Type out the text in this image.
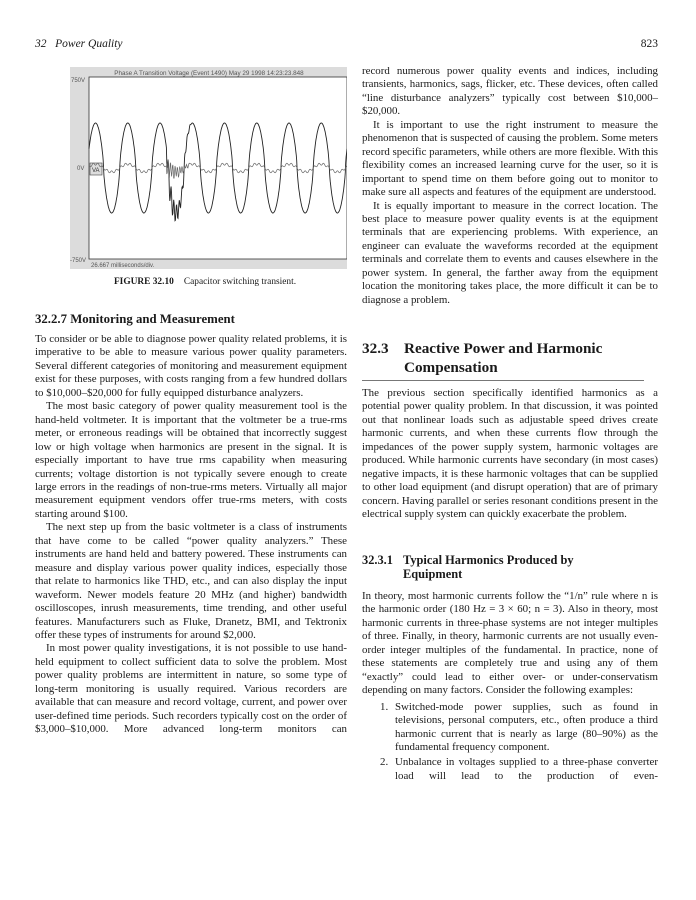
32 Power Quality	823
Phase A Transition Voltage (Event 1490) May 29 1998 14:23:23.848
750V
0V
-750V
26.667 milliseconds/div.
VA
FIGURE 32.10 Capacitor switching transient.
32.2.7 Monitoring and Measurement

To consider or be able to diagnose power quality related problems, it is imperative to be able to measure various power quality parameters. Several different categories of monitoring and measurement equipment exist for these purposes, with costs ranging from a few hundred dollars to $10,000–$20,000 for fully equipped disturbance analyzers.

The most basic category of power quality measurement tool is the hand-held voltmeter. It is important that the voltmeter be a true-rms meter, or erroneous readings will be obtained that incorrectly suggest low or high voltage when harmonics are present in the signal. It is especially important to have true rms capability when measuring currents; voltage distortion is not typically severe enough to create large errors in the readings of non-true-rms meters. Virtually all major measurement equipment vendors offer true-rms meters, with costs starting around $100.

The next step up from the basic voltmeter is a class of instruments that have come to be called “power quality analyzers.” These instruments are hand held and battery powered. These instruments can measure and display various power quality indices, especially those that relate to harmonics like THD, etc., and can also display the input waveform. Newer models feature 20 MHz (and higher) bandwidth oscilloscopes, inrush measurements, time trending, and other useful features. Manufacturers such as Fluke, Dranetz, BMI, and Tektronix offer these types of instruments for around $2,000.

In most power quality investigations, it is not possible to use hand-held equipment to collect sufficient data to solve the problem. Most power quality problems are intermittent in nature, so some type of long-term monitoring is usually required. Various recorders are available that can measure and record voltage, current, and power over user-defined time periods. Such recorders typically cost on the order of $3,000–$10,000. More advanced long-term monitors can

record numerous power quality events and indices, including transients, harmonics, sags, flicker, etc. These devices, often called “line disturbance analyzers” typically cost between $10,000–$20,000.

It is important to use the right instrument to measure the phenomenon that is suspected of causing the problem. Some meters record specific parameters, while others are more flexible. With this flexibility comes an increased learning curve for the user, so it is important to spend time on them before going out to monitor to make sure all aspects and features of the equipment are understood.

It is equally important to measure in the correct location. The best place to measure power quality events is at the equipment terminals that are experiencing problems. With experience, an engineer can evaluate the waveforms recorded at the equipment terminals and correlate them to events and causes elsewhere in the power system. In general, the farther away from the equipment location the monitoring takes place, the more difficult it can be to diagnose a problem.

32.3	Reactive Power and Harmonic Compensation

The previous section specifically identified harmonics as a potential power quality problem. In that discussion, it was pointed out that nonlinear loads such as adjustable speed drives create harmonic currents, and when these currents flow through the impedances of the power supply system, harmonic voltages are produced. While harmonic currents have secondary (in most cases) negative impacts, it is these harmonic voltages that can be supplied to other load equipment (and disrupt operation) that are of primary concern. Having parallel or series resonant conditions present in the electrical supply system can quickly exacerbate the problem.

32.3.1 Typical Harmonics Produced by Equipment

In theory, most harmonic currents follow the “1/n” rule where n is the harmonic order (180 Hz = 3 × 60; n = 3). Also in theory, most harmonic currents in three-phase systems are not integer multiples of three. Finally, in theory, harmonic currents are not usually even-order integer multiples of the fundamental. In practice, none of these statements are completely true and using any of them “exactly” could lead to either over- or under-conservatism depending on many factors. Consider the following examples:

1. Switched-mode power supplies, such as found in televisions, personal computers, etc., often produce a third harmonic current that is nearly as large (80–90%) as the fundamental frequency component.
2. Unbalance in voltages supplied to a three-phase converter load will lead to the production of even-
